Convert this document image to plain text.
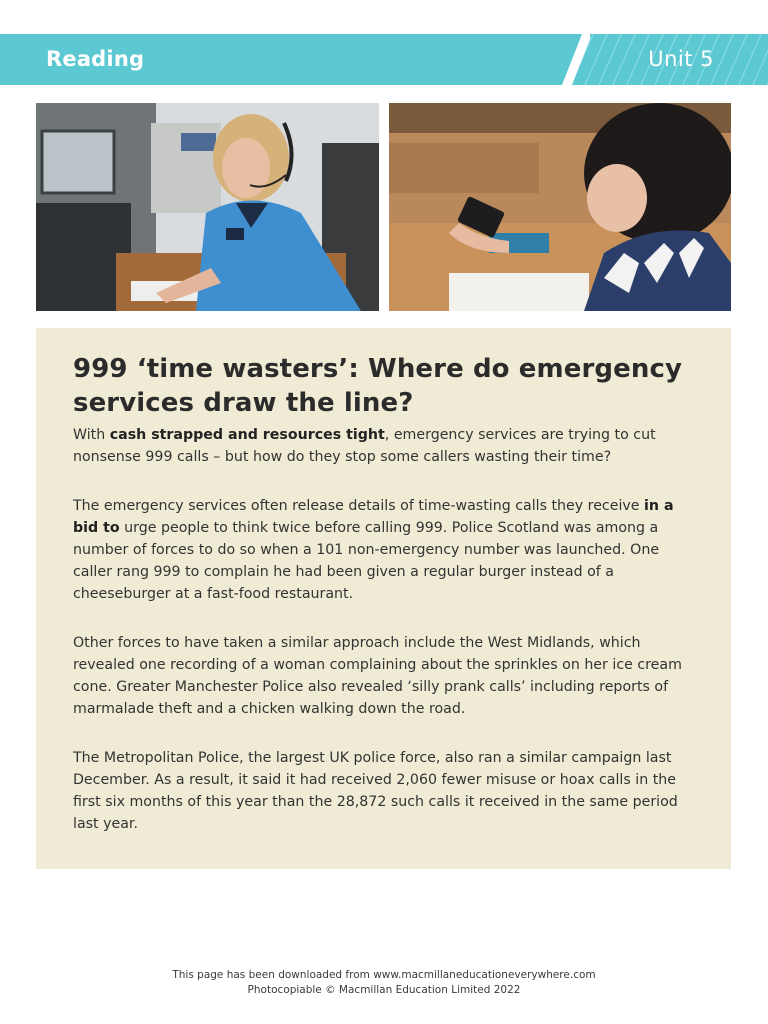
Reading	Unit 5
999 ‘time wasters’: Where do emergency
services draw the line?

With cash strapped and resources tight, emergency services are trying to cut nonsense 999 calls – but how do they stop some callers wasting their time?

The emergency services often release details of time-wasting calls they receive in a bid to urge people to think twice before calling 999. Police Scotland was among a number of forces to do so when a 101 non-emergency number was launched. One caller rang 999 to complain he had been given a regular burger instead of a cheeseburger at a fast-food restaurant.

Other forces to have taken a similar approach include the West Midlands, which revealed one recording of a woman complaining about the sprinkles on her ice cream cone. Greater Manchester Police also revealed ‘silly prank calls’ including reports of marmalade theft and a chicken walking down the road.

The Metropolitan Police, the largest UK police force, also ran a similar campaign last December. As a result, it said it had received 2,060 fewer misuse or hoax calls in the first six months of this year than the 28,872 such calls it received in the same period last year.

This page has been downloaded from www.macmillaneducationeverywhere.com
Photocopiable © Macmillan Education Limited 2022
